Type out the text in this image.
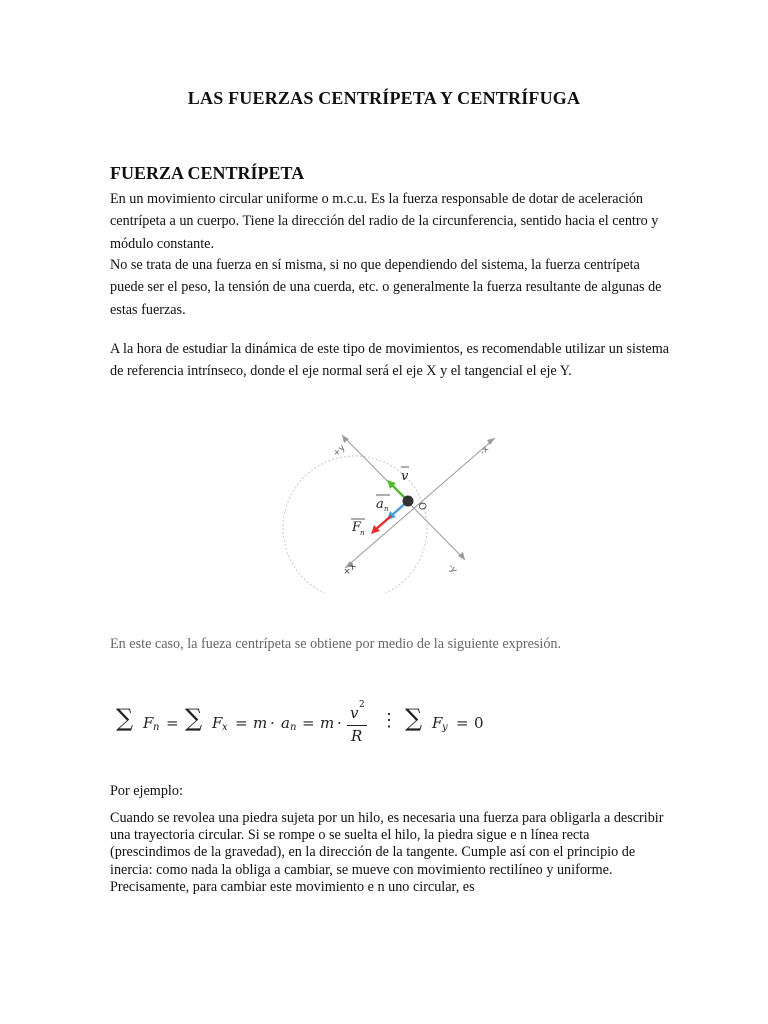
LAS FUERZAS CENTRÍPETA Y CENTRÍFUGA
FUERZA CENTRÍPETA

En un movimiento circular uniforme o m.c.u. Es la fuerza responsable de dotar de aceleración centrípeta a un cuerpo. Tiene la dirección del radio de la circunferencia, sentido hacia el centro y módulo constante.

No se trata de una fuerza en sí misma, si no que dependiendo del sistema, la fuerza centrípeta puede ser el peso, la tensión de una cuerda, etc. o generalmente la fuerza resultante de algunas de estas fuerzas.

A la hora de estudiar la dinámica de este tipo de movimientos, es recomendable utilizar un sistema de referencia intrínseco, donde el eje normal será el eje X y el tangencial el eje Y.

+y	-x
+x	-y
O
v
a n
F
n

En este caso, la fueza centrípeta se obtiene por medio de la siguiente expresión.

∑ F n = ∑ F x = m · a n = m ·
v 2
R
⋮ ∑ F y = 0

Por ejemplo:

Cuando se revolea una piedra sujeta por un hilo, es necesaria una fuerza para obligarla a describir una trayectoria circular. Si se rompe o se suelta el hilo, la piedra sigue e n línea recta (prescindimos de la gravedad), en la dirección de la tangente. Cumple así con el principio de inercia: como nada la obliga a cambiar, se mueve con movimiento rectilíneo y uniforme. Precisamente, para cambiar este movimiento e n uno circular, es
